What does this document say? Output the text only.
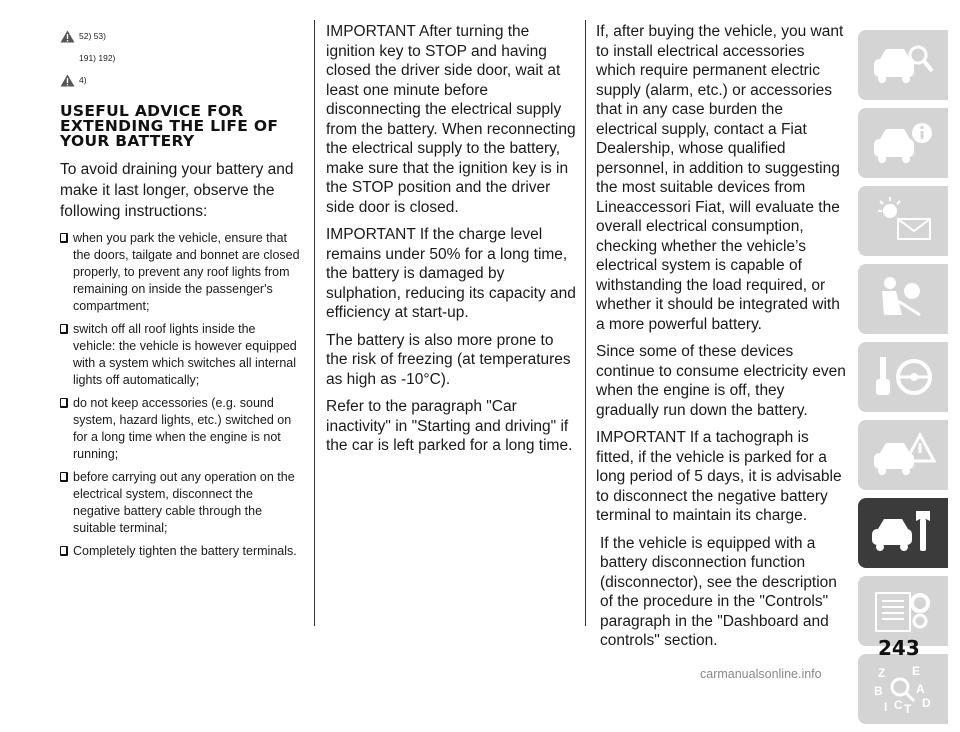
52) 53)
191) 192)
4)
USEFUL ADVICE FOR EXTENDING THE LIFE OF YOUR BATTERY

To avoid draining your battery and make it last longer, observe the following instructions:

when you park the vehicle, ensure that the doors, tailgate and bonnet are closed properly, to prevent any roof lights from remaining on inside the passenger's compartment;
switch off all roof lights inside the vehicle: the vehicle is however equipped with a system which switches all internal lights off automatically;
do not keep accessories (e.g. sound system, hazard lights, etc.) switched on for a long time when the engine is not running;
before carrying out any operation on the electrical system, disconnect the negative battery cable through the suitable terminal;
Completely tighten the battery terminals.

IMPORTANT After turning the ignition key to STOP and having closed the driver side door, wait at least one minute before disconnecting the electrical supply from the battery. When reconnecting the electrical supply to the battery, make sure that the ignition key is in the STOP position and the driver side door is closed.

IMPORTANT If the charge level remains under 50% for a long time, the battery is damaged by sulphation, reducing its capacity and efficiency at start-up.

The battery is also more prone to the risk of freezing (at temperatures as high as -10°C).

Refer to the paragraph "Car inactivity" in "Starting and driving" if the car is left parked for a long time.

If, after buying the vehicle, you want to install electrical accessories which require permanent electric supply (alarm, etc.) or accessories that in any case burden the electrical supply, contact a Fiat Dealership, whose qualified personnel, in addition to suggesting the most suitable devices from Lineaccessori Fiat, will evaluate the overall electrical consumption, checking whether the vehicle’s electrical system is capable of withstanding the load required, or whether it should be integrated with a more powerful battery.

Since some of these devices continue to consume electricity even when the engine is off, they gradually run down the battery.

IMPORTANT If a tachograph is fitted, if the vehicle is parked for a long period of 5 days, it is advisable to disconnect the negative battery terminal to maintain its charge.

If the vehicle is equipped with a battery disconnection function (disconnector), see the description of the procedure in the "Controls" paragraph in the "Dashboard and controls" section.

Z E
B	A
D
I C T
243
carmanualsonline.info
